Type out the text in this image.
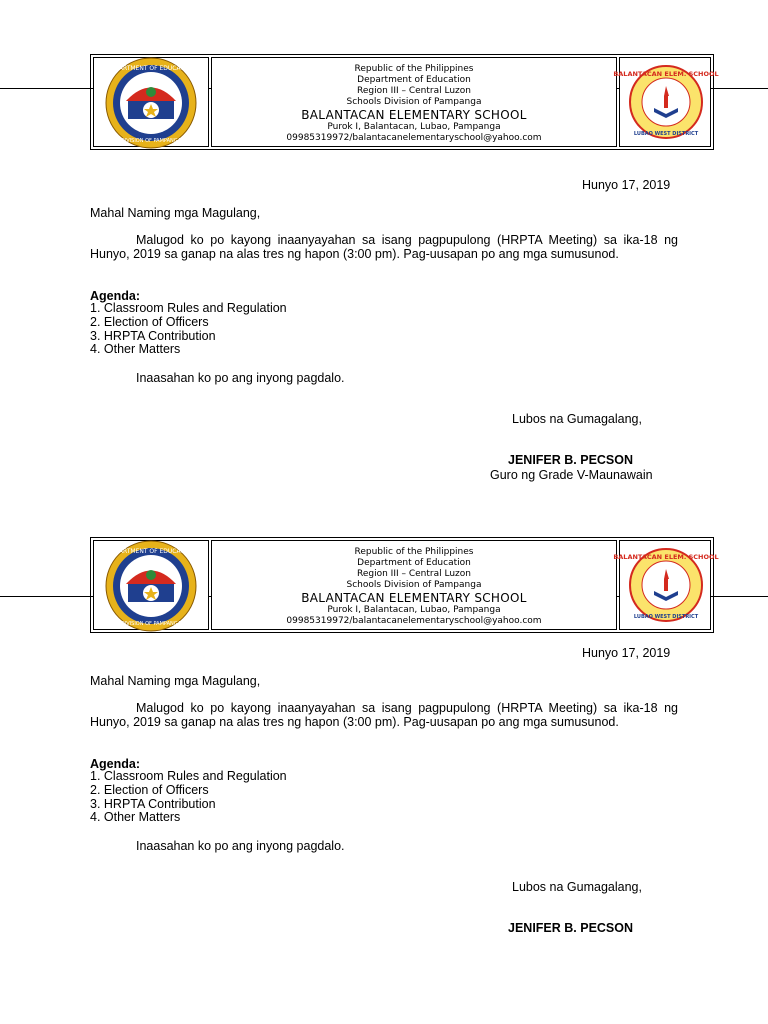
DEPARTMENT OF EDUCATION
DIVISION OF PAMPANGA
Republic of the Philippines
Department of Education
Region III – Central Luzon
Schools Division of Pampanga
BALANTACAN ELEMENTARY SCHOOL
Purok I, Balantacan, Lubao, Pampanga
09985319972/balantacanelementaryschool@yahoo.com
BALANTACAN ELEM. SCHOOL
LUBAO WEST DISTRICT
Hunyo 17, 2019
Mahal Naming mga Magulang,
Malugod ko po kayong inaanyayahan sa isang pagpupulong (HRPTA Meeting) sa ika-18 ng Hunyo, 2019 sa ganap na alas tres ng hapon (3:00 pm). Pag-uusapan po ang mga sumusunod.
Agenda:
1. Classroom Rules and Regulation
2. Election of Officers
3. HRPTA Contribution
4. Other Matters
Inaasahan ko po ang inyong pagdalo.
Lubos na Gumagalang,
JENIFER B. PECSON
Guro ng Grade V-Maunawain
DEPARTMENT OF EDUCATION
DIVISION OF PAMPANGA
Republic of the Philippines
Department of Education
Region III – Central Luzon
Schools Division of Pampanga
BALANTACAN ELEMENTARY SCHOOL
Purok I, Balantacan, Lubao, Pampanga
09985319972/balantacanelementaryschool@yahoo.com
BALANTACAN ELEM. SCHOOL
LUBAO WEST DISTRICT
Hunyo 17, 2019
Mahal Naming mga Magulang,
Malugod ko po kayong inaanyayahan sa isang pagpupulong (HRPTA Meeting) sa ika-18 ng Hunyo, 2019 sa ganap na alas tres ng hapon (3:00 pm). Pag-uusapan po ang mga sumusunod.
Agenda:
1. Classroom Rules and Regulation
2. Election of Officers
3. HRPTA Contribution
4. Other Matters
Inaasahan ko po ang inyong pagdalo.
Lubos na Gumagalang,
JENIFER B. PECSON
